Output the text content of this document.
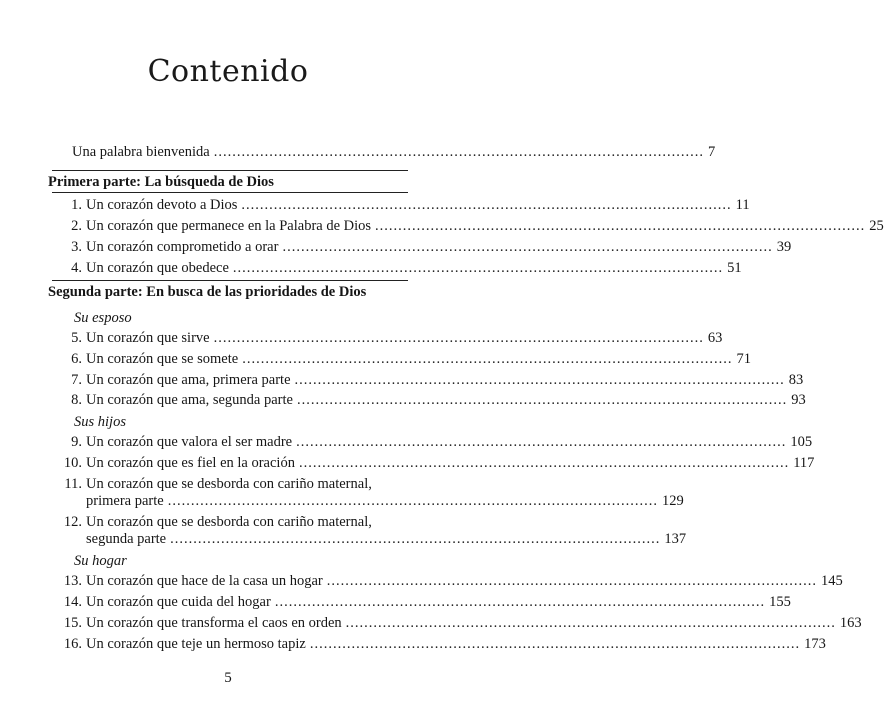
Contenido
Una palabra bienvenida .......................................................................................................... 7
Primera parte: La búsqueda de Dios
1. Un corazón devoto a Dios .......................................................................................................... 11
2. Un corazón que permanece en la Palabra de Dios .......................................................................................................... 25
3. Un corazón comprometido a orar .......................................................................................................... 39
4. Un corazón que obedece .......................................................................................................... 51
Segunda parte: En busca de las prioridades de Dios
Su esposo
5. Un corazón que sirve .......................................................................................................... 63
6. Un corazón que se somete .......................................................................................................... 71
7. Un corazón que ama, primera parte .......................................................................................................... 83
8. Un corazón que ama, segunda parte .......................................................................................................... 93
Sus hijos
9. Un corazón que valora el ser madre .......................................................................................................... 105
10. Un corazón que es fiel en la oración .......................................................................................................... 117
11. Un corazón que se desborda con cariño maternal,
primera parte .......................................................................................................... 129
12. Un corazón que se desborda con cariño maternal,
segunda parte .......................................................................................................... 137
Su hogar
13. Un corazón que hace de la casa un hogar .......................................................................................................... 145
14. Un corazón que cuida del hogar .......................................................................................................... 155
15. Un corazón que transforma el caos en orden .......................................................................................................... 163
16. Un corazón que teje un hermoso tapiz .......................................................................................................... 173
5
